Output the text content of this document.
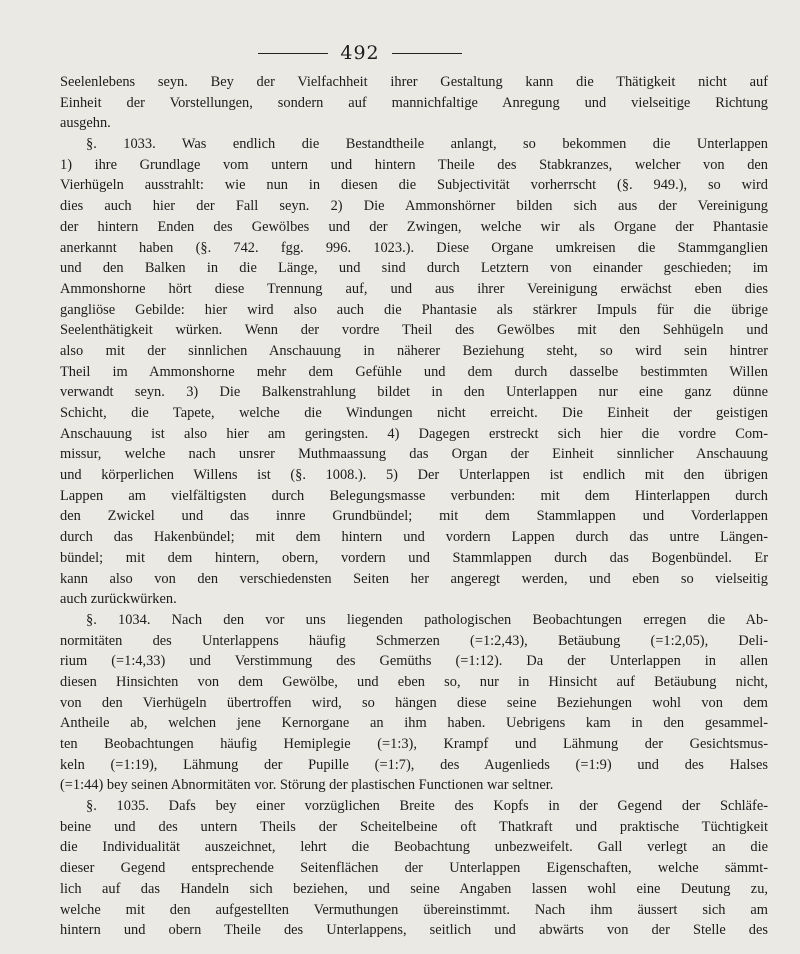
492
Seelenlebens seyn. Bey der Vielfachheit ihrer Gestaltung kann die Thätigkeit nicht auf
Einheit der Vorstellungen, sondern auf mannichfaltige Anregung und vielseitige Richtung
ausgehn.
§. 1033. Was endlich die Bestandtheile anlangt, so bekommen die Unterlappen
1) ihre Grundlage vom untern und hintern Theile des Stabkranzes, welcher von den
Vierhügeln ausstrahlt: wie nun in diesen die Subjectivität vorherrscht (§. 949.), so wird
dies auch hier der Fall seyn. 2) Die Ammonshörner bilden sich aus der Vereinigung
der hintern Enden des Gewölbes und der Zwingen, welche wir als Organe der Phantasie
anerkannt haben (§. 742. fgg. 996. 1023.). Diese Organe umkreisen die Stammganglien
und den Balken in die Länge, und sind durch Letztern von einander geschieden; im
Ammonshorne hört diese Trennung auf, und aus ihrer Vereinigung erwächst eben dies
gangliöse Gebilde: hier wird also auch die Phantasie als stärkrer Impuls für die übrige
Seelenthätigkeit würken. Wenn der vordre Theil des Gewölbes mit den Sehhügeln und
also mit der sinnlichen Anschauung in näherer Beziehung steht, so wird sein hintrer
Theil im Ammonshorne mehr dem Gefühle und dem durch dasselbe bestimmten Willen
verwandt seyn. 3) Die Balkenstrahlung bildet in den Unterlappen nur eine ganz dünne
Schicht, die Tapete, welche die Windungen nicht erreicht. Die Einheit der geistigen
Anschauung ist also hier am geringsten. 4) Dagegen erstreckt sich hier die vordre Com-
missur, welche nach unsrer Muthmaassung das Organ der Einheit sinnlicher Anschauung
und körperlichen Willens ist (§. 1008.). 5) Der Unterlappen ist endlich mit den übrigen
Lappen am vielfältigsten durch Belegungsmasse verbunden: mit dem Hinterlappen durch
den Zwickel und das innre Grundbündel; mit dem Stammlappen und Vorderlappen
durch das Hakenbündel; mit dem hintern und vordern Lappen durch das untre Längen-
bündel; mit dem hintern, obern, vordern und Stammlappen durch das Bogenbündel. Er
kann also von den verschiedensten Seiten her angeregt werden, und eben so vielseitig
auch zurückwürken.
§. 1034. Nach den vor uns liegenden pathologischen Beobachtungen erregen die Ab-
normitäten des Unterlappens häufig Schmerzen (=1:2,43), Betäubung (=1:2,05), Deli-
rium (=1:4,33) und Verstimmung des Gemüths (=1:12). Da der Unterlappen in allen
diesen Hinsichten von dem Gewölbe, und eben so, nur in Hinsicht auf Betäubung nicht,
von den Vierhügeln übertroffen wird, so hängen diese seine Beziehungen wohl von dem
Antheile ab, welchen jene Kernorgane an ihm haben. Uebrigens kam in den gesammel-
ten Beobachtungen häufig Hemiplegie (=1:3), Krampf und Lähmung der Gesichtsmus-
keln (=1:19), Lähmung der Pupille (=1:7), des Augenlieds (=1:9) und des Halses
(=1:44) bey seinen Abnormitäten vor. Störung der plastischen Functionen war seltner.
§. 1035. Dafs bey einer vorzüglichen Breite des Kopfs in der Gegend der Schläfe-
beine und des untern Theils der Scheitelbeine oft Thatkraft und praktische Tüchtigkeit
die Individualität auszeichnet, lehrt die Beobachtung unbezweifelt. Gall verlegt an die
dieser Gegend entsprechende Seitenflächen der Unterlappen Eigenschaften, welche sämmt-
lich auf das Handeln sich beziehen, und seine Angaben lassen wohl eine Deutung zu,
welche mit den aufgestellten Vermuthungen übereinstimmt. Nach ihm äussert sich am
hintern und obern Theile des Unterlappens, seitlich und abwärts von der Stelle des
